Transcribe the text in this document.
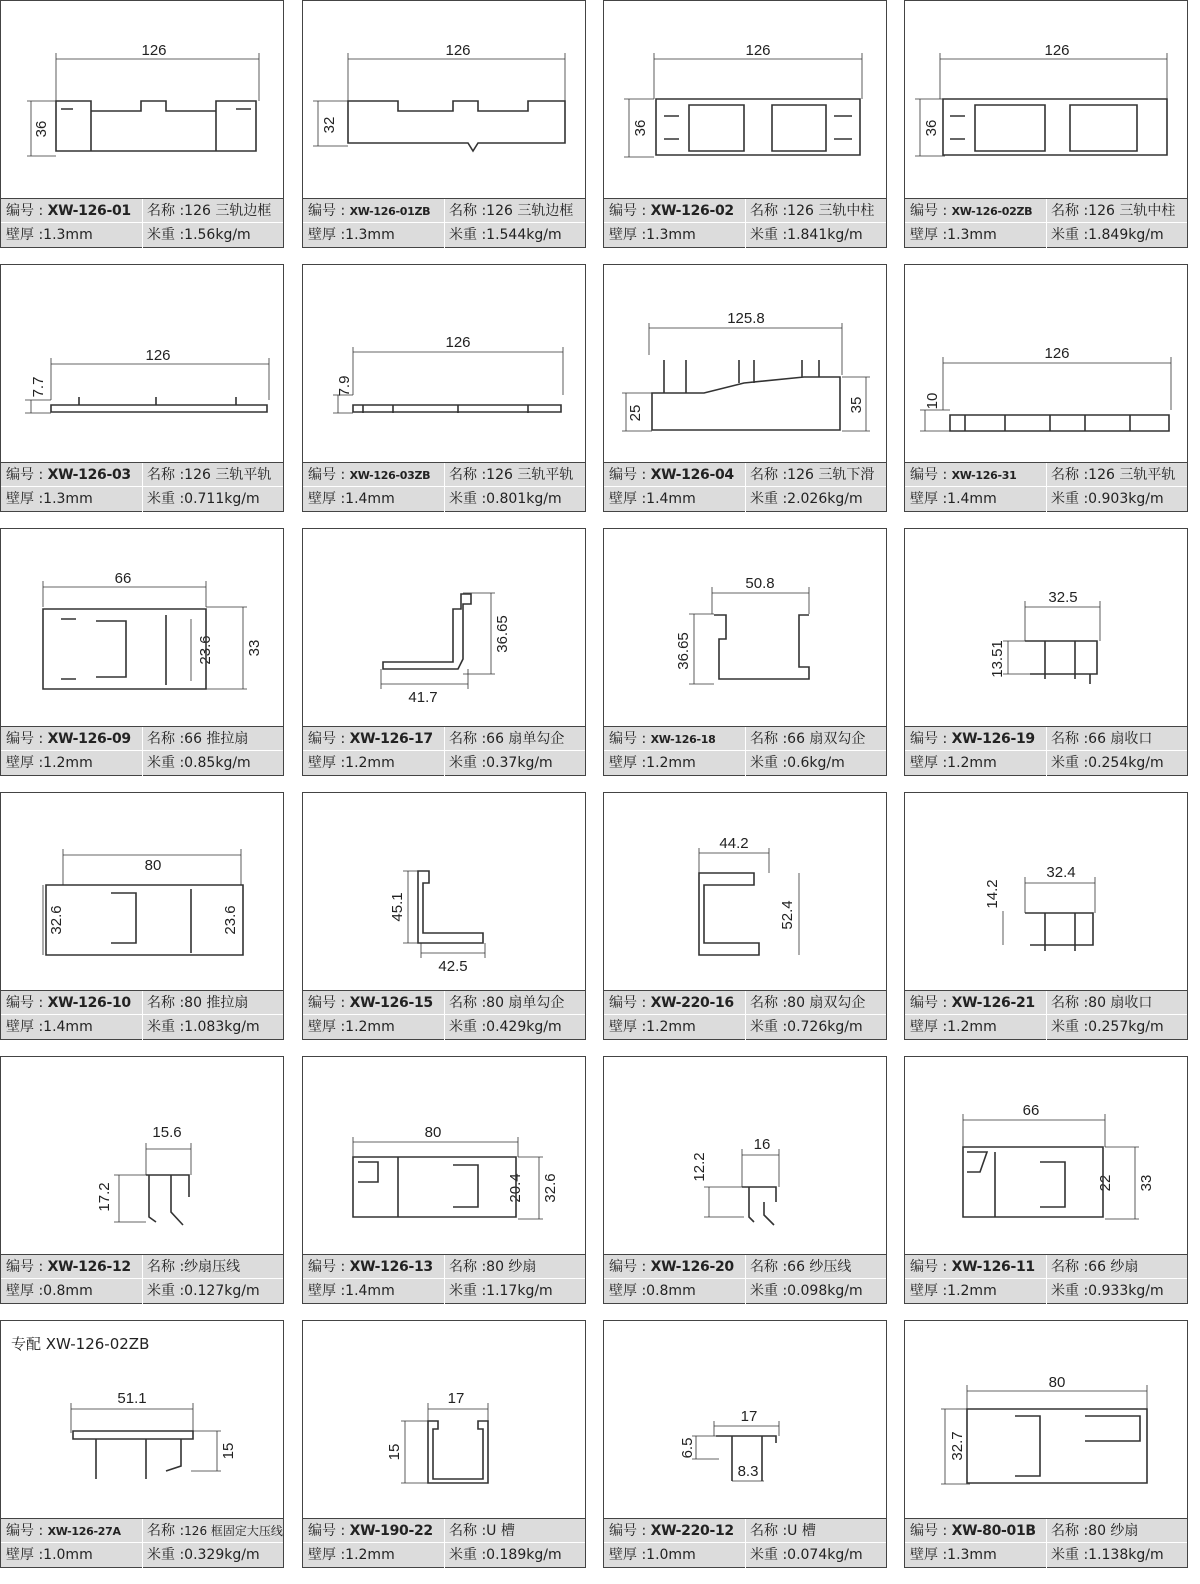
126
36
编号 : XW-126-01	名称 :126 三轨边框
壁厚 :1.3mm	米重 :1.56kg/m
126
32
编号 : XW-126-01ZB	名称 :126 三轨边框
壁厚 :1.3mm	米重 :1.544kg/m
126
36
编号 : XW-126-02	名称 :126 三轨中柱
壁厚 :1.3mm	米重 :1.841kg/m
126
36
编号 : XW-126-02ZB	名称 :126 三轨中柱
壁厚 :1.3mm	米重 :1.849kg/m
126
7.7
编号 : XW-126-03	名称 :126 三轨平轨
壁厚 :1.3mm	米重 :0.711kg/m
126
7.9
编号 : XW-126-03ZB	名称 :126 三轨平轨
壁厚 :1.4mm	米重 :0.801kg/m
125.8
25	35
编号 : XW-126-04	名称 :126 三轨下滑
壁厚 :1.4mm	米重 :2.026kg/m
126
10
编号 : XW-126-31	名称 :126 三轨平轨
壁厚 :1.4mm	米重 :0.903kg/m
66
33
23.6
编号 : XW-126-09	名称 :66 推拉扇
壁厚 :1.2mm	米重 :0.85kg/m
36.65
41.7
编号 : XW-126-17	名称 :66 扇单勾企
壁厚 :1.2mm	米重 :0.37kg/m
50.8
36.65
编号 : XW-126-18	名称 :66 扇双勾企
壁厚 :1.2mm	米重 :0.6kg/m
32.5
13.51
编号 : XW-126-19	名称 :66 扇收口
壁厚 :1.2mm	米重 :0.254kg/m
80
32.6	23.6
编号 : XW-126-10	名称 :80 推拉扇
壁厚 :1.4mm	米重 :1.083kg/m
45.1
42.5
编号 : XW-126-15	名称 :80 扇单勾企
壁厚 :1.2mm	米重 :0.429kg/m
44.2
52.4
编号 : XW-220-16	名称 :80 扇双勾企
壁厚 :1.2mm	米重 :0.726kg/m
32.4
14.2
编号 : XW-126-21	名称 :80 扇收口
壁厚 :1.2mm	米重 :0.257kg/m
15.6
17.2
编号 : XW-126-12	名称 :纱扇压线
壁厚 :0.8mm	米重 :0.127kg/m
80
32.6
20.4
编号 : XW-126-13	名称 :80 纱扇
壁厚 :1.4mm	米重 :1.17kg/m
16
12.2
编号 : XW-126-20	名称 :66 纱压线
壁厚 :0.8mm	米重 :0.098kg/m
66
33
22
编号 : XW-126-11	名称 :66 纱扇
壁厚 :1.2mm	米重 :0.933kg/m
专配 XW-126-02ZB
51.1
15
编号 : XW-126-27A	名称 :126 框固定大压线
壁厚 :1.0mm	米重 :0.329kg/m
17
15
编号 : XW-190-22	名称 :U 槽
壁厚 :1.2mm	米重 :0.189kg/m
17
6.5
8.3
编号 : XW-220-12	名称 :U 槽
壁厚 :1.0mm	米重 :0.074kg/m
80
32.7
编号 : XW-80-01B	名称 :80 纱扇
壁厚 :1.3mm	米重 :1.138kg/m
